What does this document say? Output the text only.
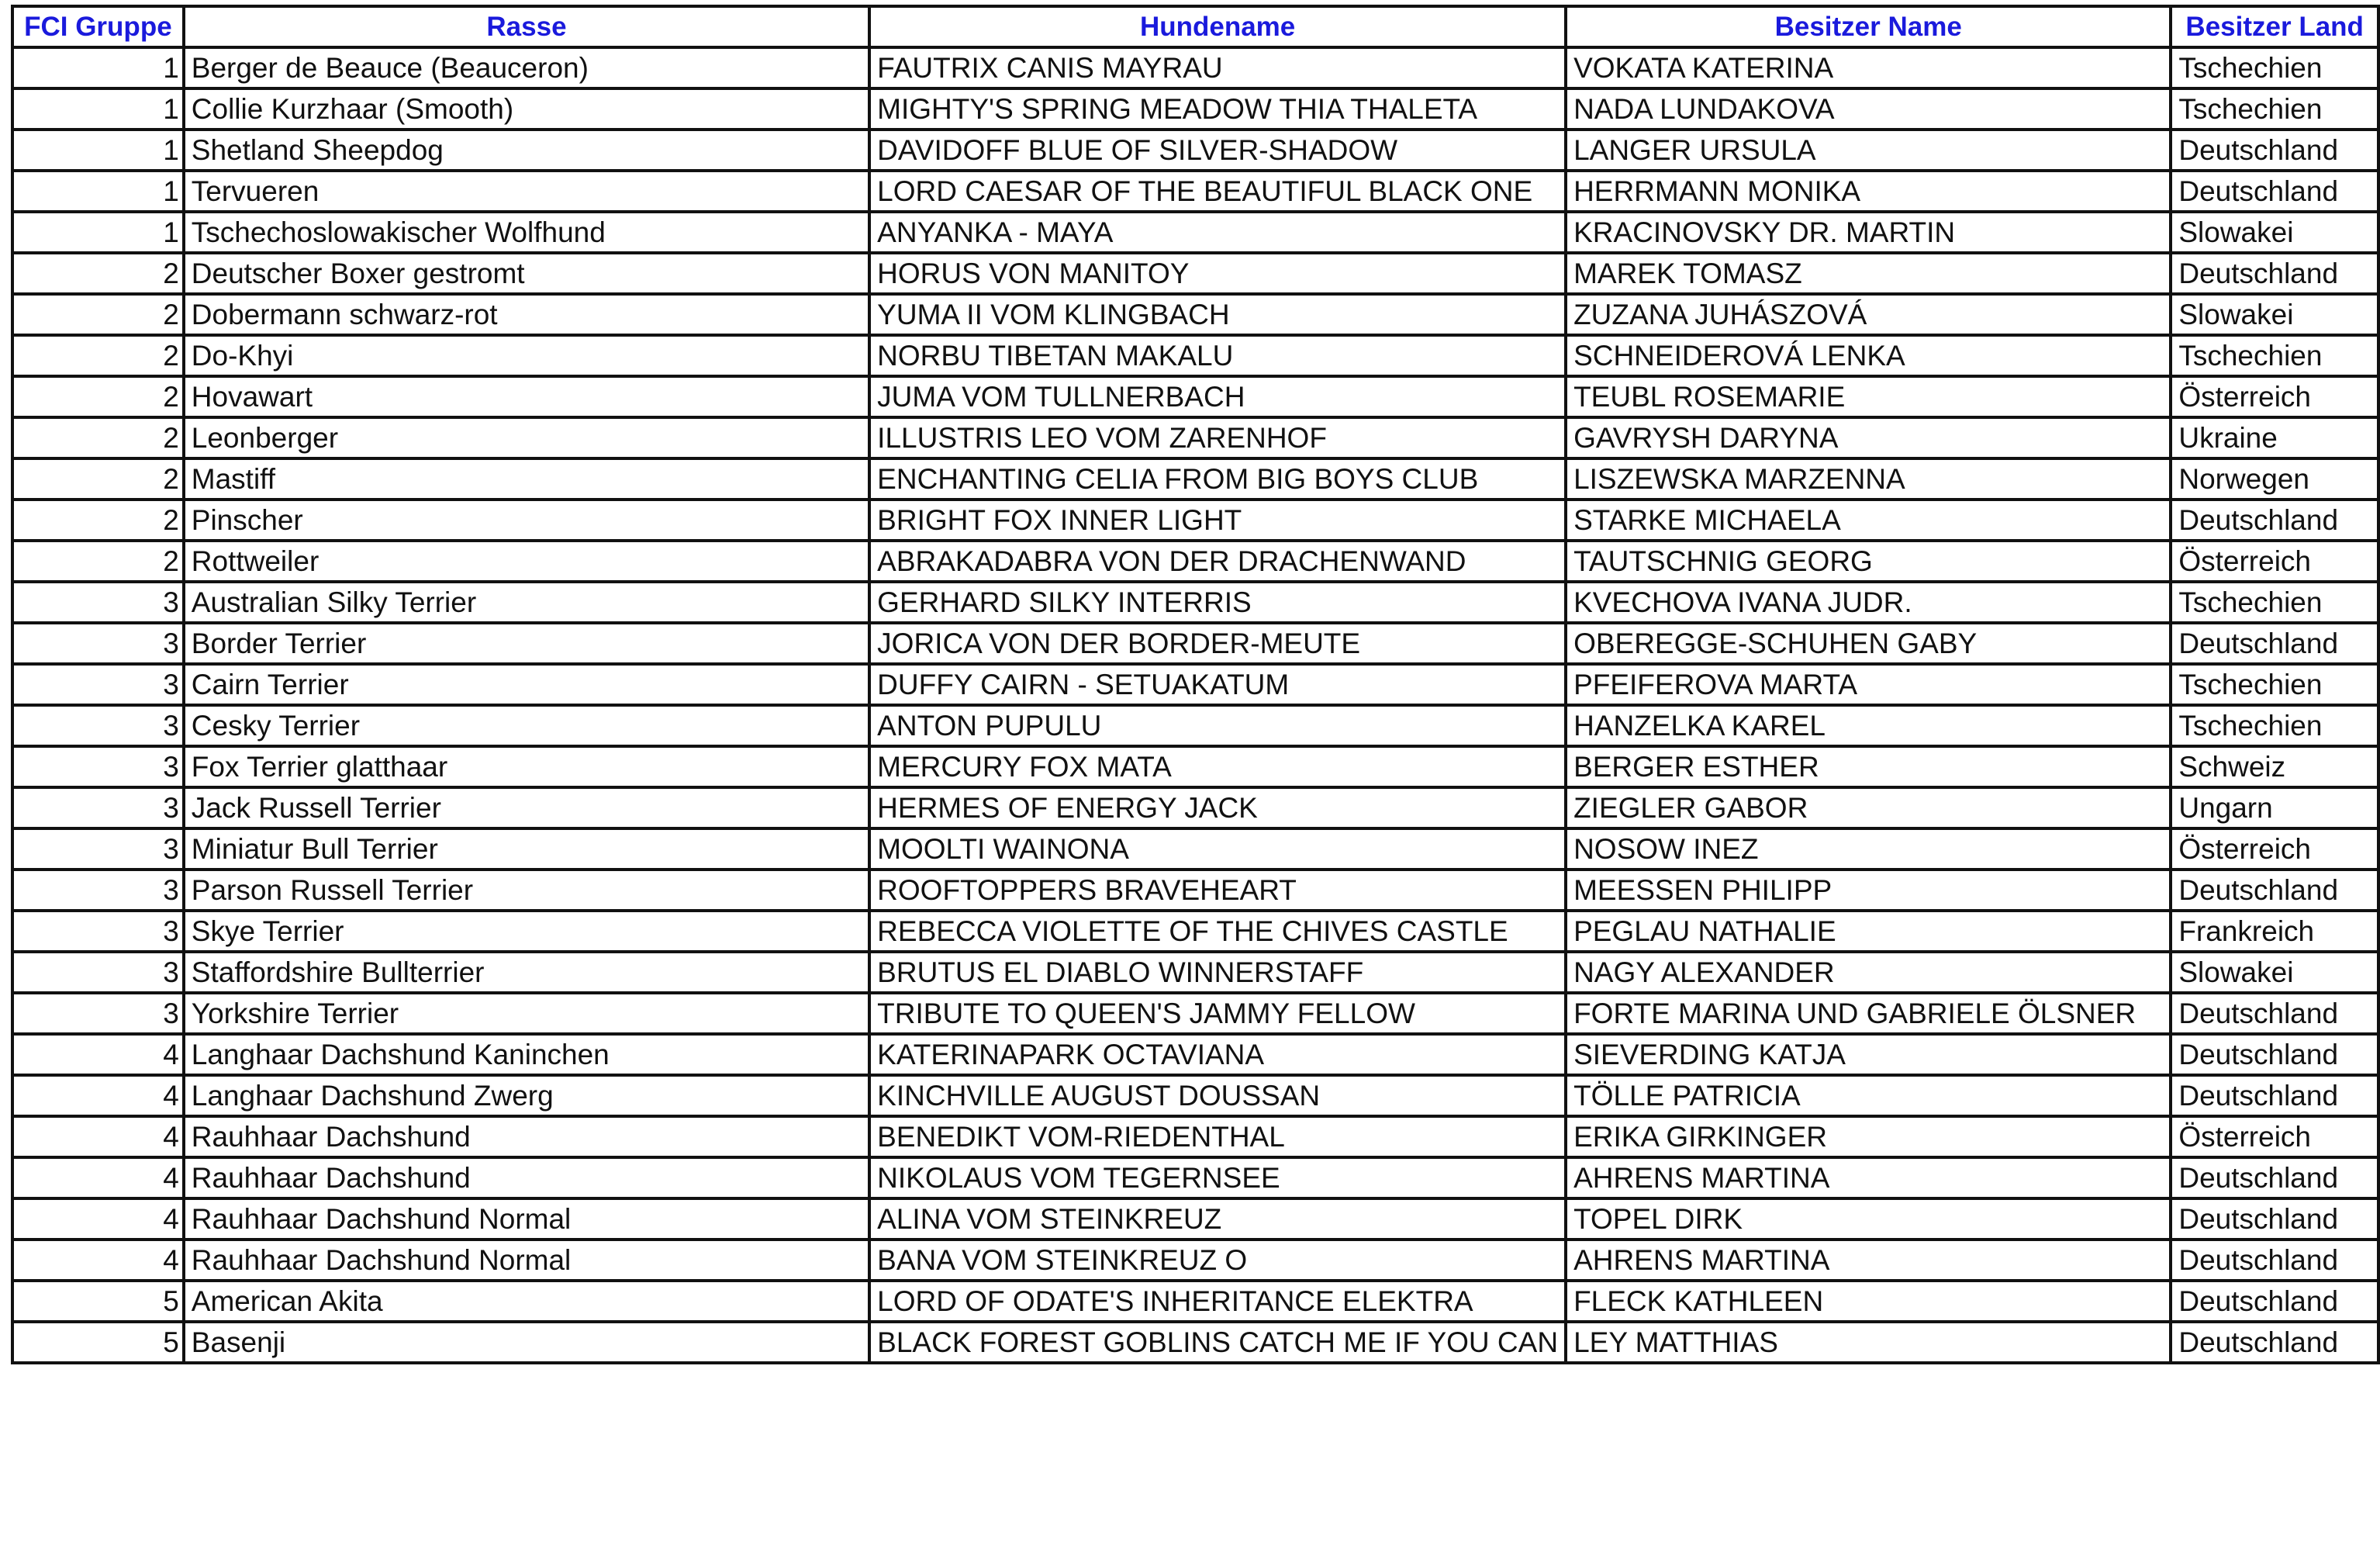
FCI Gruppe	Rasse	Hundename	Besitzer Name	Besitzer Land
1	Berger de Beauce (Beauceron)	FAUTRIX CANIS MAYRAU	VOKATA KATERINA	Tschechien
1	Collie Kurzhaar (Smooth)	MIGHTY'S SPRING MEADOW THIA THALETA	NADA LUNDAKOVA	Tschechien
1	Shetland Sheepdog	DAVIDOFF BLUE OF SILVER-SHADOW	LANGER URSULA	Deutschland
1	Tervueren	LORD CAESAR OF THE BEAUTIFUL BLACK ONE	HERRMANN MONIKA	Deutschland
1	Tschechoslowakischer Wolfhund	ANYANKA - MAYA	KRACINOVSKY DR. MARTIN	Slowakei
2	Deutscher Boxer gestromt	HORUS VON MANITOY	MAREK TOMASZ	Deutschland
2	Dobermann schwarz-rot	YUMA II VOM KLINGBACH	ZUZANA JUHÁSZOVÁ	Slowakei
2	Do-Khyi	NORBU TIBETAN MAKALU	SCHNEIDEROVÁ LENKA	Tschechien
2	Hovawart	JUMA VOM TULLNERBACH	TEUBL ROSEMARIE	Österreich
2	Leonberger	ILLUSTRIS LEO VOM ZARENHOF	GAVRYSH DARYNA	Ukraine
2	Mastiff	ENCHANTING CELIA FROM BIG BOYS CLUB	LISZEWSKA MARZENNA	Norwegen
2	Pinscher	BRIGHT FOX INNER LIGHT	STARKE MICHAELA	Deutschland
2	Rottweiler	ABRAKADABRA VON DER DRACHENWAND	TAUTSCHNIG GEORG	Österreich
3	Australian Silky Terrier	GERHARD SILKY INTERRIS	KVECHOVA IVANA JUDR.	Tschechien
3	Border Terrier	JORICA VON DER BORDER-MEUTE	OBEREGGE-SCHUHEN GABY	Deutschland
3	Cairn Terrier	DUFFY CAIRN - SETUAKATUM	PFEIFEROVA MARTA	Tschechien
3	Cesky Terrier	ANTON PUPULU	HANZELKA KAREL	Tschechien
3	Fox Terrier glatthaar	MERCURY FOX MATA	BERGER ESTHER	Schweiz
3	Jack Russell Terrier	HERMES OF ENERGY JACK	ZIEGLER GABOR	Ungarn
3	Miniatur Bull Terrier	MOOLTI WAINONA	NOSOW INEZ	Österreich
3	Parson Russell Terrier	ROOFTOPPERS BRAVEHEART	MEESSEN PHILIPP	Deutschland
3	Skye Terrier	REBECCA VIOLETTE OF THE CHIVES CASTLE	PEGLAU NATHALIE	Frankreich
3	Staffordshire Bullterrier	BRUTUS EL DIABLO WINNERSTAFF	NAGY ALEXANDER	Slowakei
3	Yorkshire Terrier	TRIBUTE TO QUEEN'S JAMMY FELLOW	FORTE MARINA UND GABRIELE ÖLSNER	Deutschland
4	Langhaar Dachshund Kaninchen	KATERINAPARK OCTAVIANA	SIEVERDING KATJA	Deutschland
4	Langhaar Dachshund Zwerg	KINCHVILLE AUGUST DOUSSAN	TÖLLE PATRICIA	Deutschland
4	Rauhhaar Dachshund	BENEDIKT VOM-RIEDENTHAL	ERIKA GIRKINGER	Österreich
4	Rauhhaar Dachshund	NIKOLAUS VOM TEGERNSEE	AHRENS MARTINA	Deutschland
4	Rauhhaar Dachshund Normal	ALINA VOM STEINKREUZ	TOPEL DIRK	Deutschland
4	Rauhhaar Dachshund Normal	BANA VOM STEINKREUZ O	AHRENS MARTINA	Deutschland
5	American Akita	LORD OF ODATE'S INHERITANCE ELEKTRA	FLECK KATHLEEN	Deutschland
5	Basenji	BLACK FOREST GOBLINS CATCH ME IF YOU CAN	LEY MATTHIAS	Deutschland
